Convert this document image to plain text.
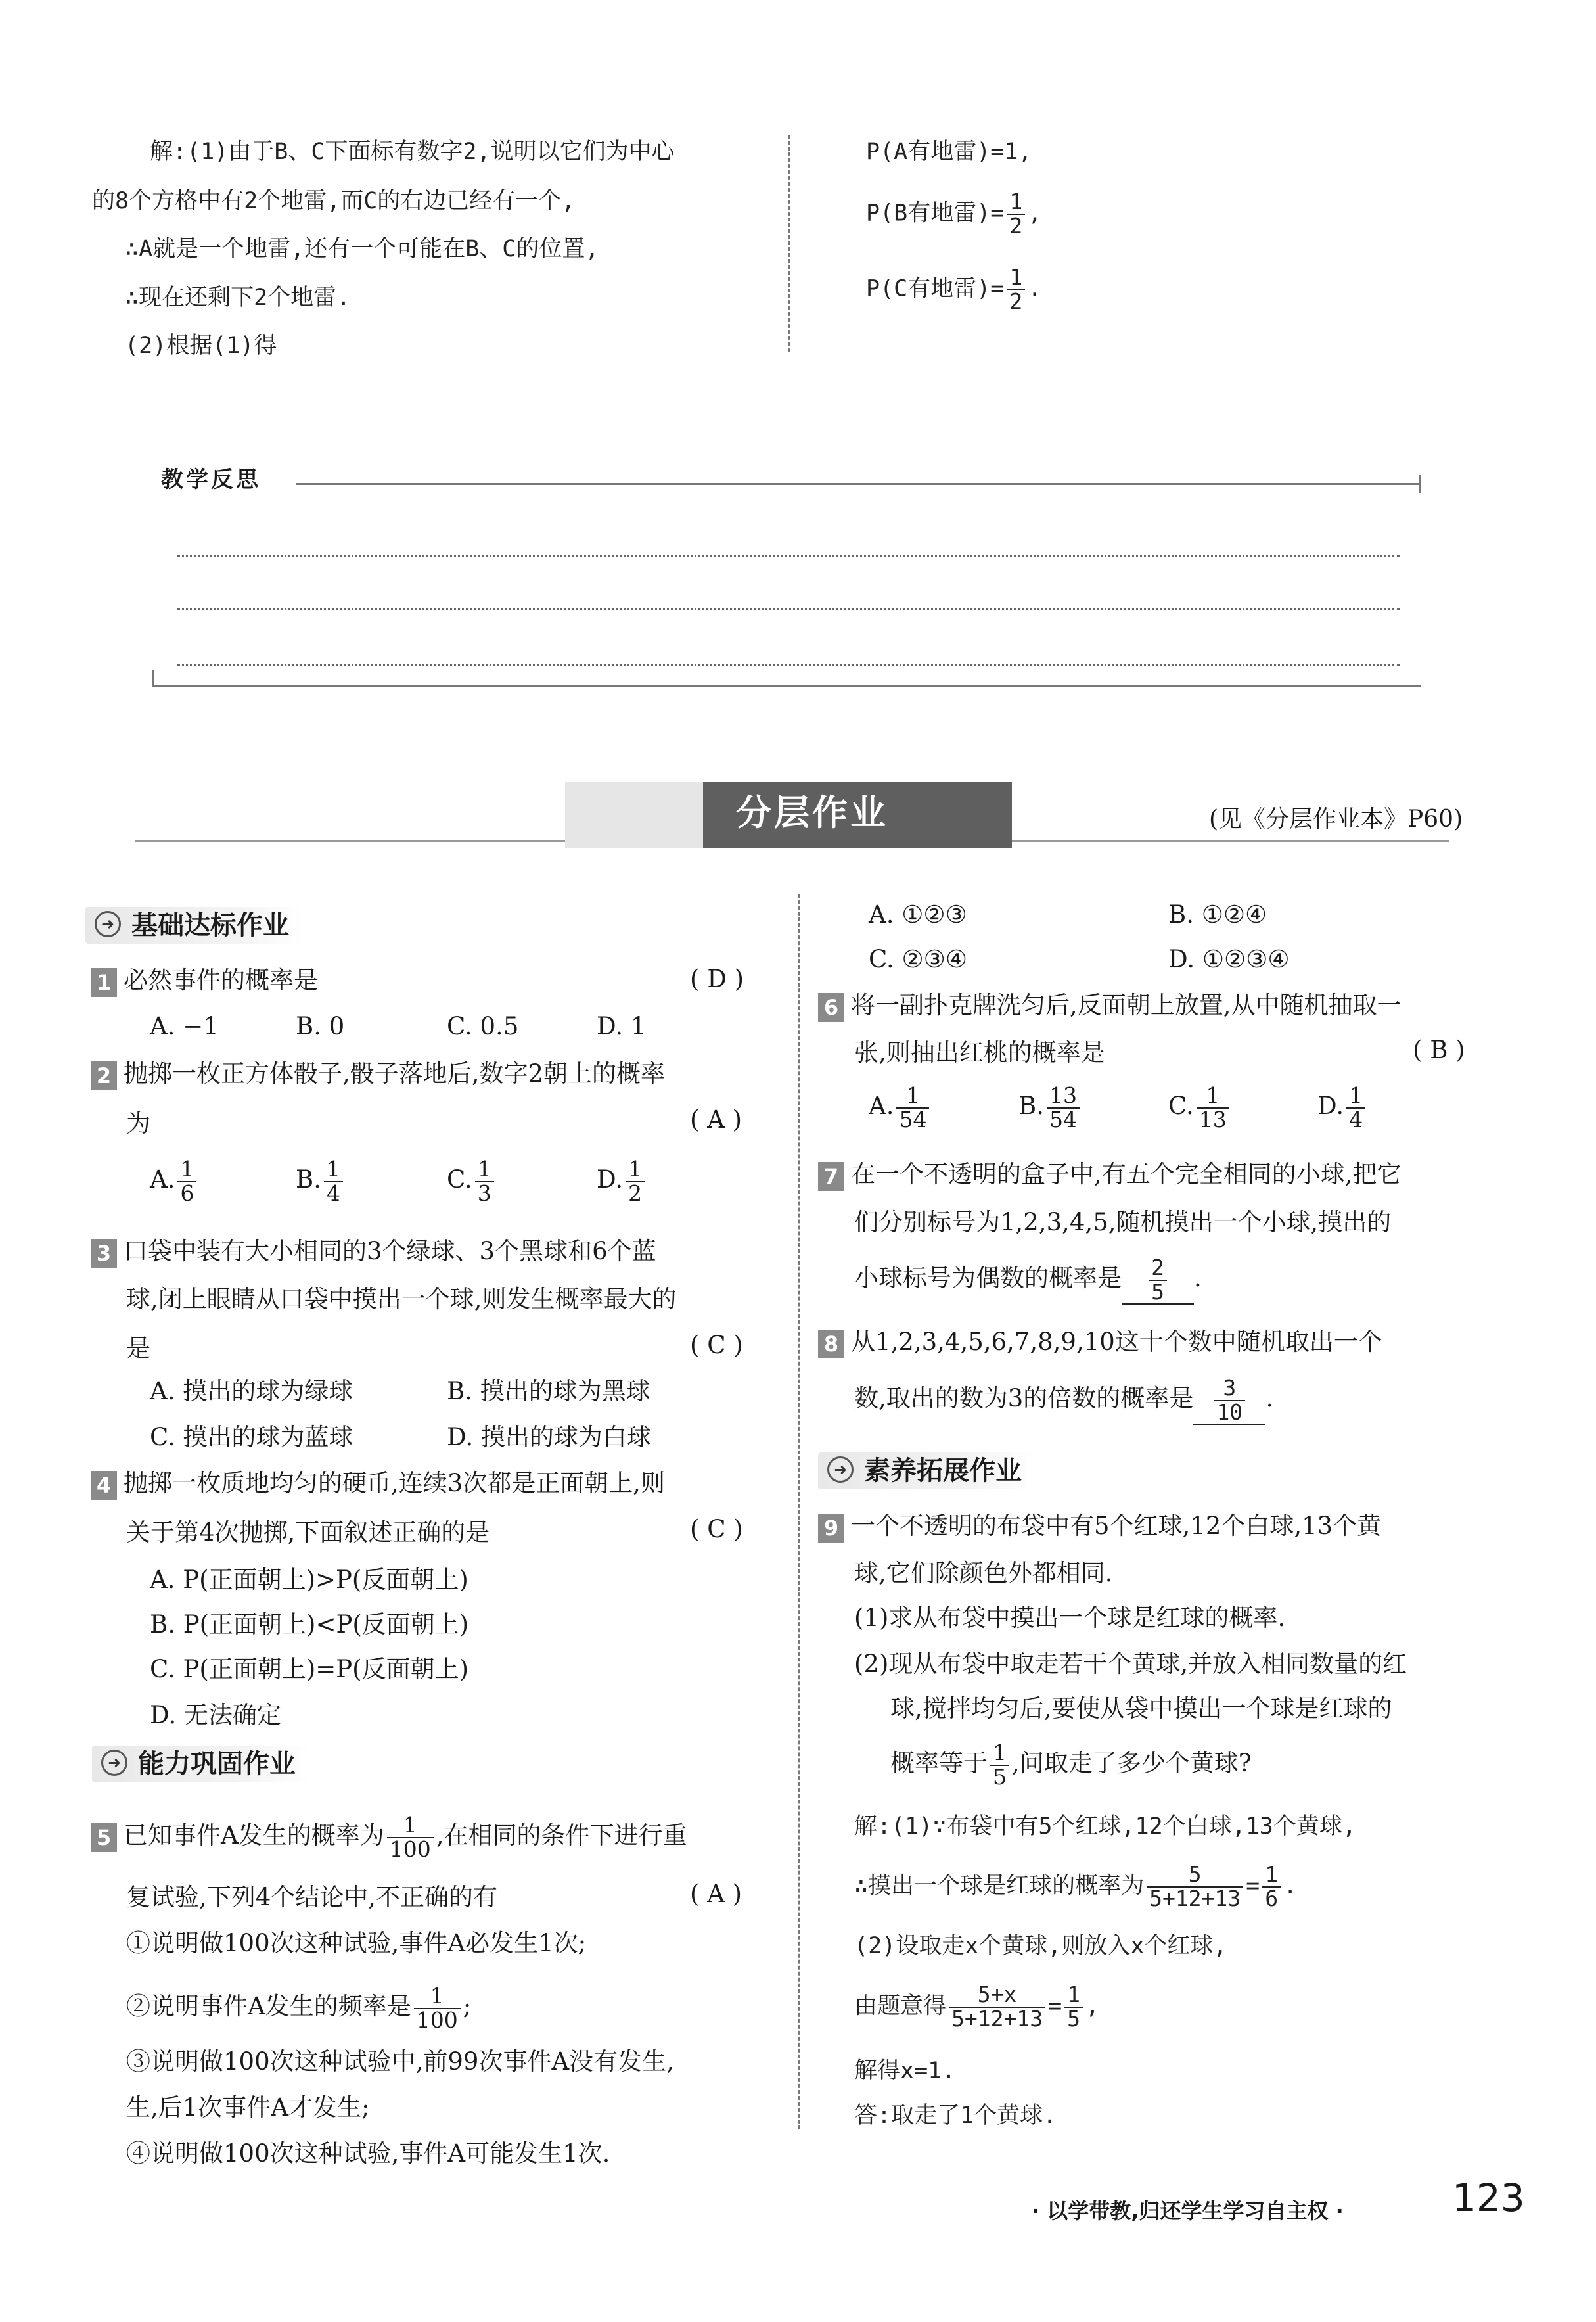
解:(1)由于B、C下面标有数字2,说明以它们为中心
的8个方格中有2个地雷,而C的右边已经有一个,
∴A就是一个地雷,还有一个可能在B、C的位置,
∴现在还剩下2个地雷.
(2)根据(1)得
P(A有地雷)=1,
P(B有地雷)= $\frac{1}{2}$ ,
P(C有地雷)= $\frac{1}{2}$ .
教学反思
分层作业	(见《分层作业本》P60)
➜ 基础达标作业
1 必然事件的概率是	( D )
A. −1	B. 0	C. 0.5	D. 1
2 抛掷一枚正方体骰子,骰子落地后,数字2朝上的概率
为	( A )
A. $\frac{1}{6}$	B. $\frac{1}{4}$	C. $\frac{1}{3}$	D. $\frac{1}{2}$
3 口袋中装有大小相同的3个绿球、3个黑球和6个蓝
球,闭上眼睛从口袋中摸出一个球,则发生概率最大的
是	( C )
A. 摸出的球为绿球	B. 摸出的球为黑球
C. 摸出的球为蓝球	D. 摸出的球为白球
4 抛掷一枚质地均匀的硬币,连续3次都是正面朝上,则
关于第4次抛掷,下面叙述正确的是	( C )
A. P(正面朝上)>P(反面朝上)
B. P(正面朝上)<P(反面朝上)
C. P(正面朝上)=P(反面朝上)
D. 无法确定
➜ 能力巩固作业
5 已知事件A发生的概率为 $\frac{1}{100}$ ,在相同的条件下进行重
复试验,下列4个结论中,不正确的有	( A )
①说明做100次这种试验,事件A必发生1次;
②说明事件A发生的频率是 $\frac{1}{100}$ ;
③说明做100次这种试验中,前99次事件A没有发生,
生,后1次事件A才发生;
④说明做100次这种试验,事件A可能发生1次.
A. ①②③	B. ①②④
C. ②③④	D. ①②③④
6 将一副扑克牌洗匀后,反面朝上放置,从中随机抽取一
张,则抽出红桃的概率是	( B )
A. $\frac{1}{54}$	B. $\frac{13}{54}$	C. $\frac{1}{13}$	D. $\frac{1}{4}$
7 在一个不透明的盒子中,有五个完全相同的小球,把它
们分别标号为1,2,3,4,5,随机摸出一个小球,摸出的
小球标号为偶数的概率是 $\frac{2}{5}$ .
8 从1,2,3,4,5,6,7,8,9,10这十个数中随机取出一个
数,取出的数为3的倍数的概率是 $\frac{3}{10}$ .
➜ 素养拓展作业
9 一个不透明的布袋中有5个红球,12个白球,13个黄
球,它们除颜色外都相同.
(1)求从布袋中摸出一个球是红球的概率.
(2)现从布袋中取走若干个黄球,并放入相同数量的红
球,搅拌均匀后,要使从袋中摸出一个球是红球的
概率等于 $\frac{1}{5}$ ,问取走了多少个黄球?
解:(1)∵布袋中有5个红球,12个白球,13个黄球,
∴摸出一个球是红球的概率为 $\frac{5}{5+12+13} = \frac{1}{6}$ .
(2)设取走x个黄球,则放入x个红球,
由题意得 $\frac{5+x}{5+12+13} = \frac{1}{5}$ ,
解得x=1.
答:取走了1个黄球.
· 以学带教,归还学生学习自主权 ·	123
